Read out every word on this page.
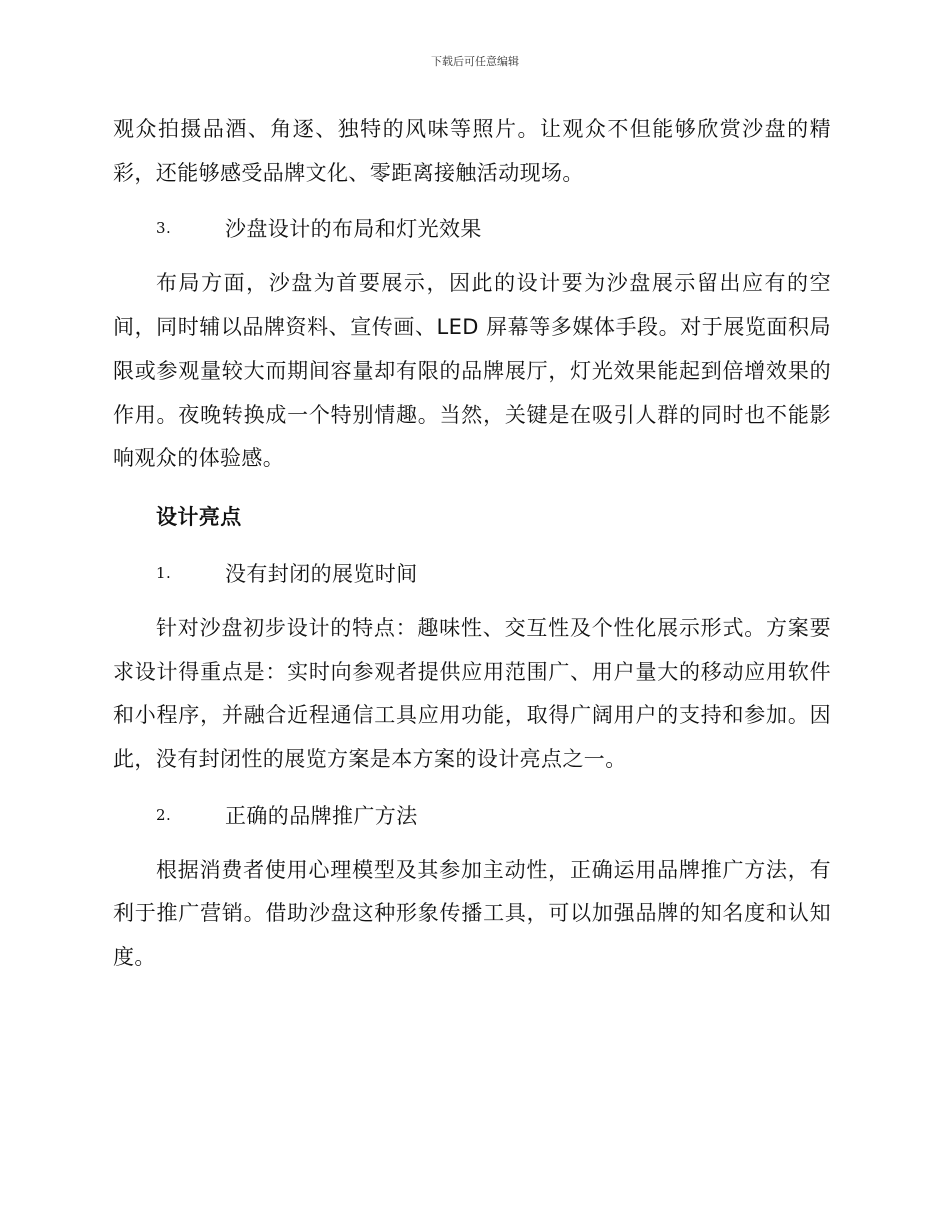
下载后可任意编辑

观众拍摄品酒、角逐、独特的风味等照片。让观众不但能够欣赏沙盘的精彩，还能够感受品牌文化、零距离接触活动现场。

3.	沙盘设计的布局和灯光效果

布局方面，沙盘为首要展示，因此的设计要为沙盘展示留出应有的空间，同时辅以品牌资料、宣传画、LED 屏幕等多媒体手段。对于展览面积局限或参观量较大而期间容量却有限的品牌展厅，灯光效果能起到倍增效果的作用。夜晚转换成一个特别情趣。当然，关键是在吸引人群的同时也不能影响观众的体验感。

设计亮点
1.	没有封闭的展览时间

针对沙盘初步设计的特点：趣味性、交互性及个性化展示形式。方案要求设计得重点是：实时向参观者提供应用范围广、用户量大的移动应用软件和小程序，并融合近程通信工具应用功能，取得广阔用户的支持和参加。因此，没有封闭性的展览方案是本方案的设计亮点之一。

2.	正确的品牌推广方法

根据消费者使用心理模型及其参加主动性，正确运用品牌推广方法，有利于推广营销。借助沙盘这种形象传播工具，可以加强品牌的知名度和认知度。
